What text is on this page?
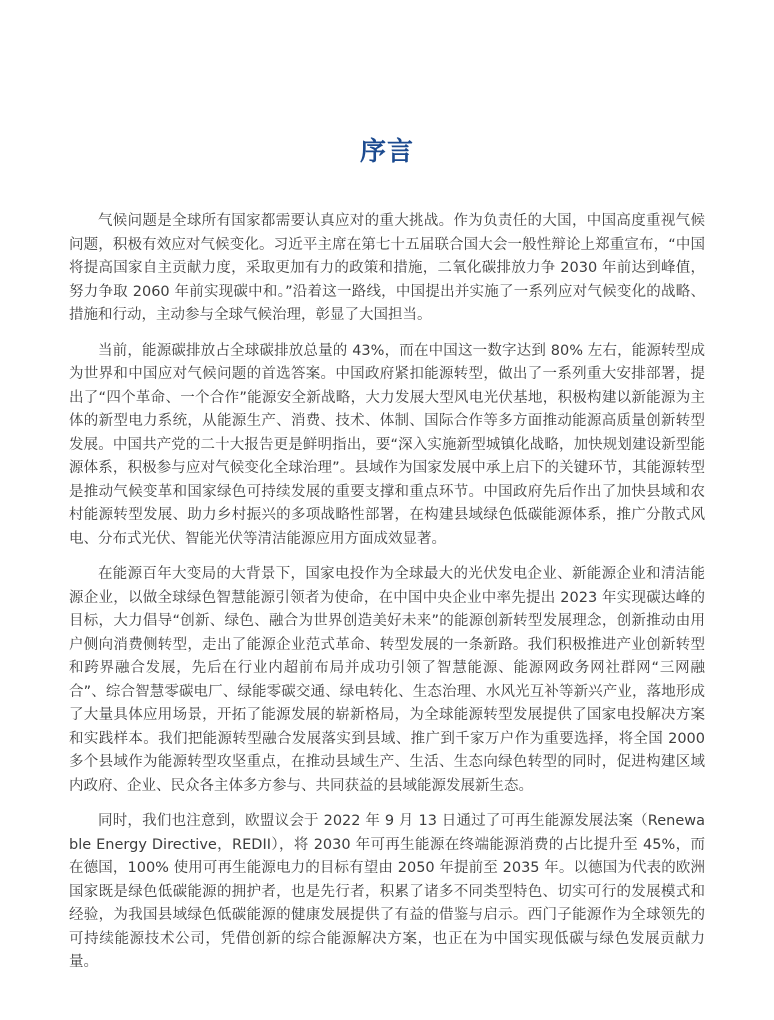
序言

气候问题是全球所有国家都需要认真应对的重大挑战。作为负责任的大国，中国高度重视气候问题，积极有效应对气候变化。习近平主席在第七十五届联合国大会一般性辩论上郑重宣布，“中国将提高国家自主贡献力度，采取更加有力的政策和措施，二氧化碳排放力争 2030 年前达到峰值，努力争取 2060 年前实现碳中和。”沿着这一路线，中国提出并实施了一系列应对气候变化的战略、措施和行动，主动参与全球气候治理，彰显了大国担当。

当前，能源碳排放占全球碳排放总量的 43%，而在中国这一数字达到 80% 左右，能源转型成为世界和中国应对气候问题的首选答案。中国政府紧扣能源转型，做出了一系列重大安排部署，提出了“四个革命、一个合作”能源安全新战略，大力发展大型风电光伏基地，积极构建以新能源为主体的新型电力系统，从能源生产、消费、技术、体制、国际合作等多方面推动能源高质量创新转型发展。中国共产党的二十大报告更是鲜明指出，要“深入实施新型城镇化战略，加快规划建设新型能源体系，积极参与应对气候变化全球治理”。县域作为国家发展中承上启下的关键环节，其能源转型是推动气候变革和国家绿色可持续发展的重要支撑和重点环节。中国政府先后作出了加快县域和农村能源转型发展、助力乡村振兴的多项战略性部署，在构建县域绿色低碳能源体系，推广分散式风电、分布式光伏、智能光伏等清洁能源应用方面成效显著。

在能源百年大变局的大背景下，国家电投作为全球最大的光伏发电企业、新能源企业和清洁能源企业，以做全球绿色智慧能源引领者为使命，在中国中央企业中率先提出 2023 年实现碳达峰的目标，大力倡导“创新、绿色、融合为世界创造美好未来”的能源创新转型发展理念，创新推动由用户侧向消费侧转型，走出了能源企业范式革命、转型发展的一条新路。我们积极推进产业创新转型和跨界融合发展，先后在行业内超前布局并成功引领了智慧能源、能源网政务网社群网“三网融合”、综合智慧零碳电厂、绿能零碳交通、绿电转化、生态治理、水风光互补等新兴产业，落地形成了大量具体应用场景，开拓了能源发展的崭新格局，为全球能源转型发展提供了国家电投解决方案和实践样本。我们把能源转型融合发展落实到县域、推广到千家万户作为重要选择，将全国 2000 多个县域作为能源转型攻坚重点，在推动县域生产、生活、生态向绿色转型的同时，促进构建区域内政府、企业、民众各主体多方参与、共同获益的县域能源发展新生态。

同时，我们也注意到，欧盟议会于 2022 年 9 月 13 日通过了可再生能源发展法案（Renewable Energy Directive，REDII），将 2030 年可再生能源在终端能源消费的占比提升至 45%，而在德国，100% 使用可再生能源电力的目标有望由 2050 年提前至 2035 年。以德国为代表的欧洲国家既是绿色低碳能源的拥护者，也是先行者，积累了诸多不同类型特色、切实可行的发展模式和经验，为我国县域绿色低碳能源的健康发展提供了有益的借鉴与启示。西门子能源作为全球领先的可持续能源技术公司，凭借创新的综合能源解决方案，也正在为中国实现低碳与绿色发展贡献力量。
